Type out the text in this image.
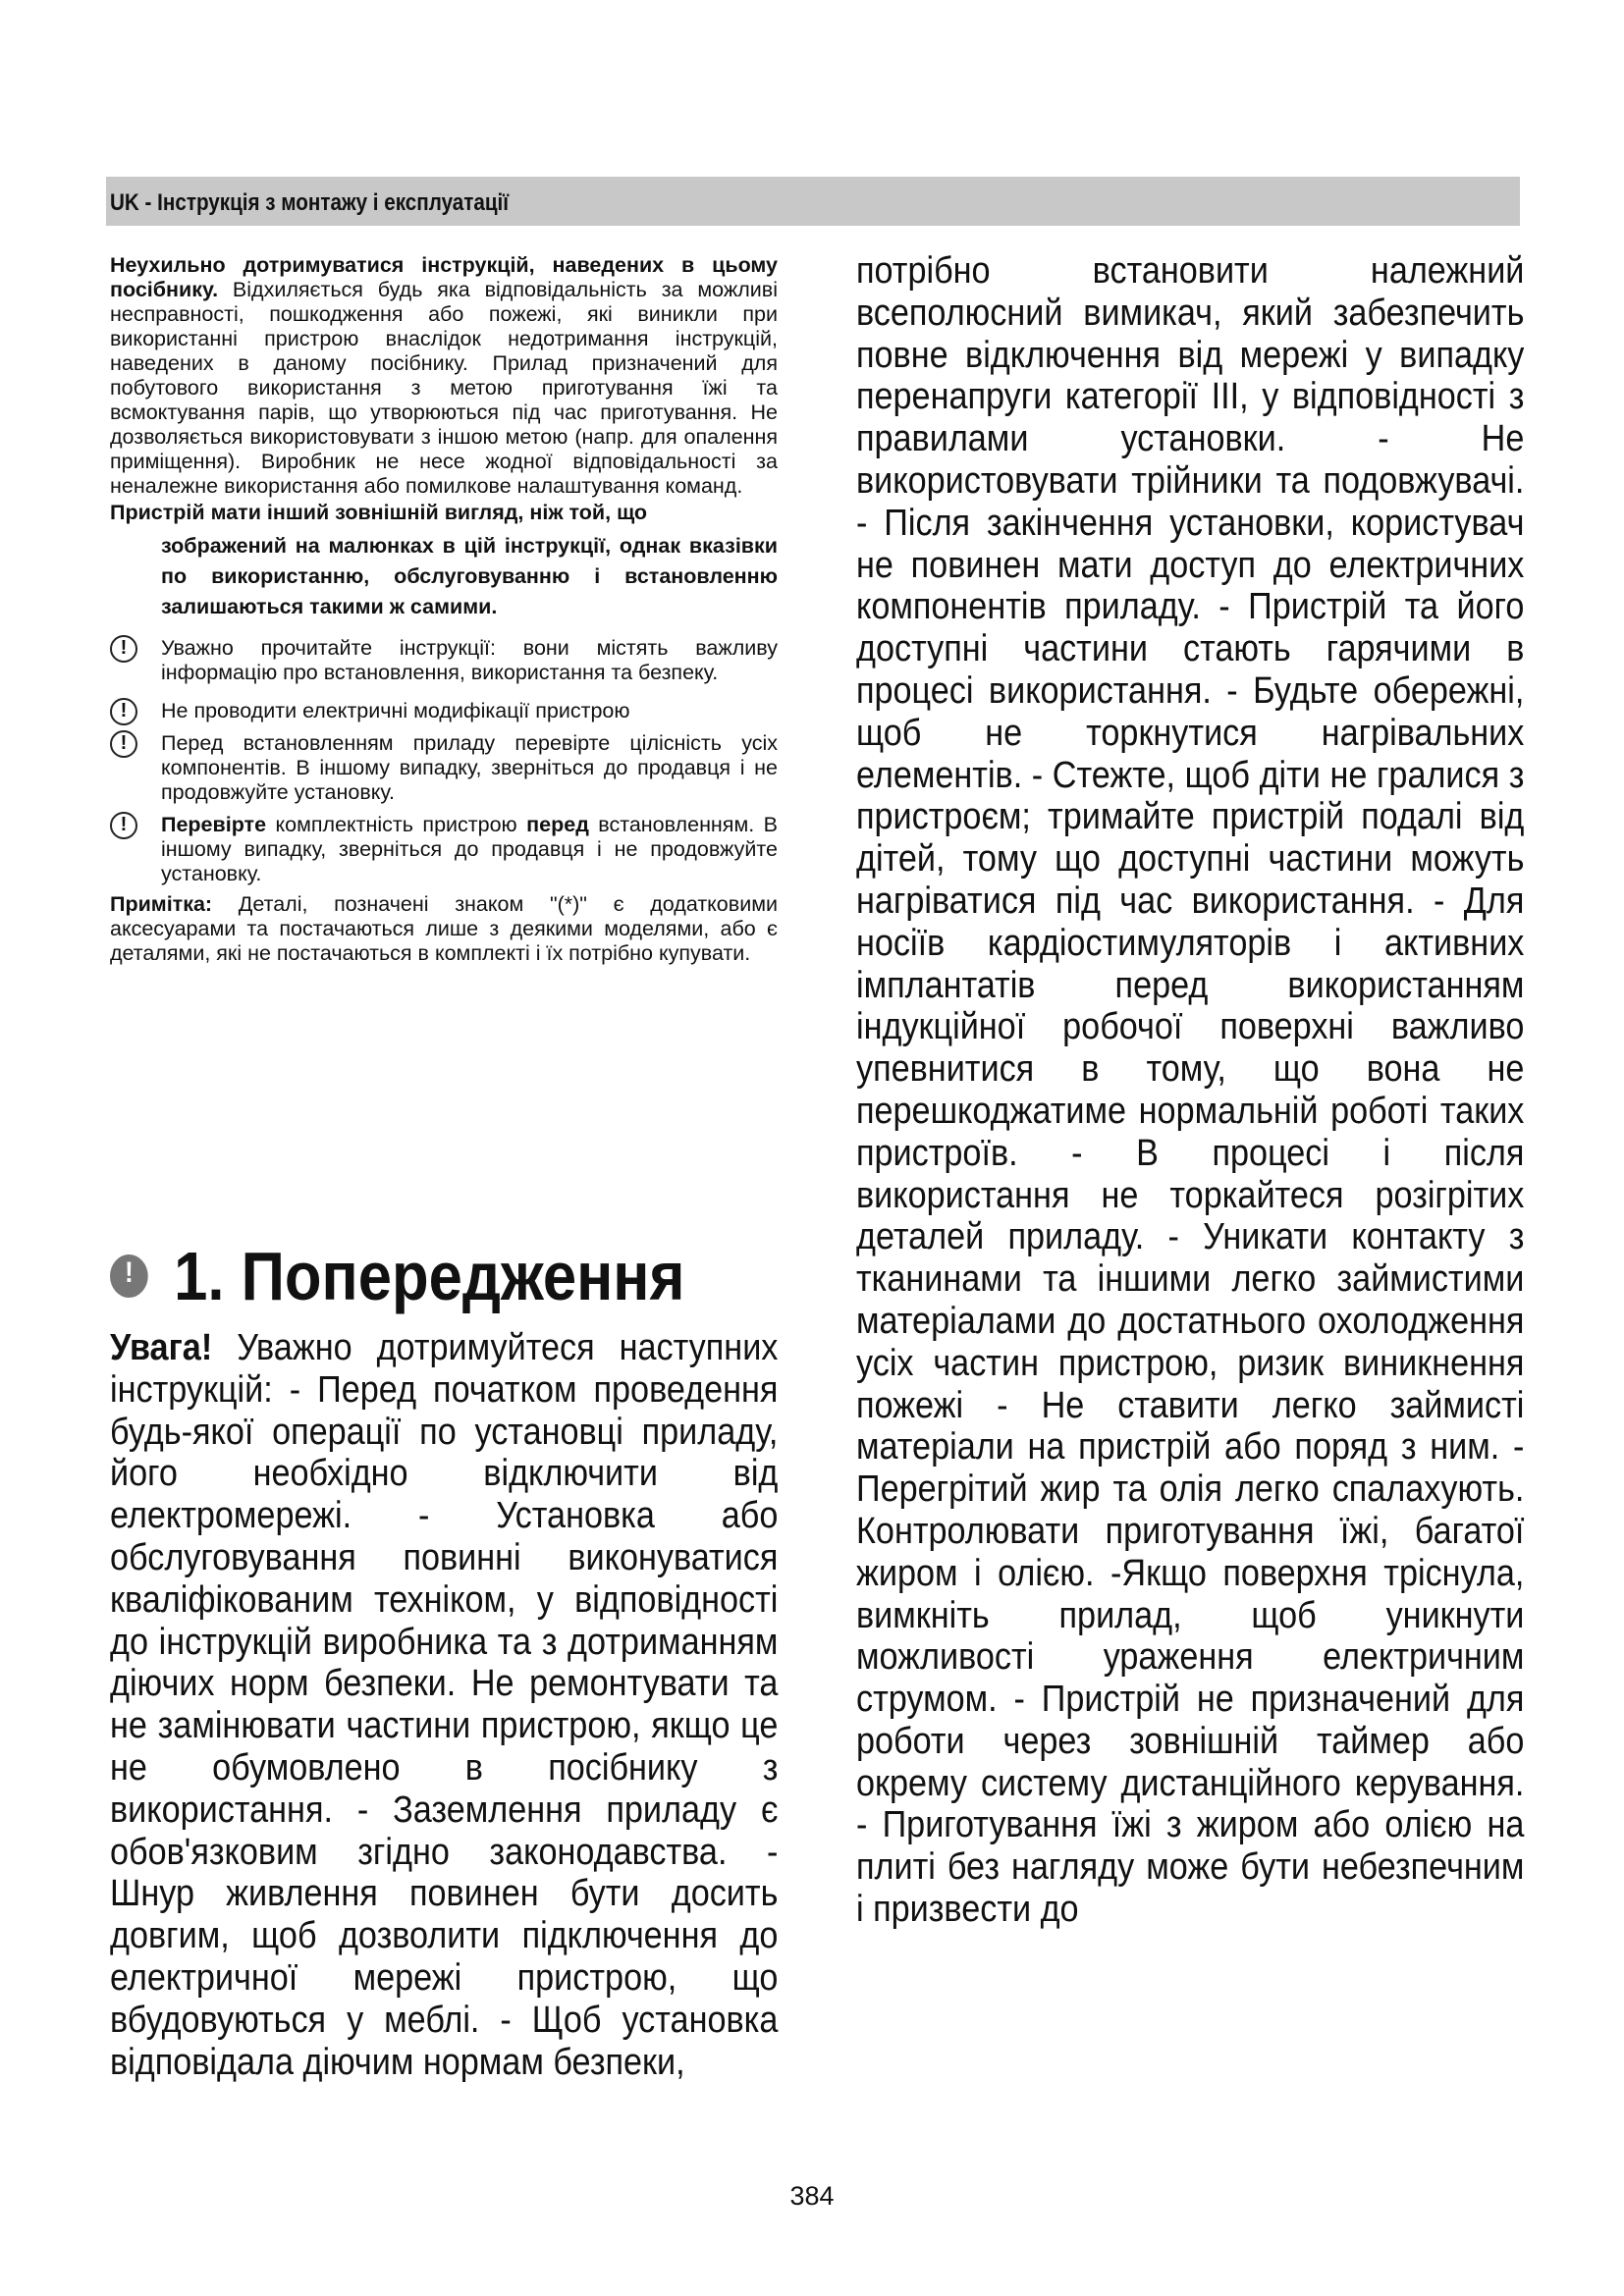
UK - Інструкція з монтажу і експлуатації
Неухильно дотримуватися інструкцій, наведених в цьому посібнику. Відхиляється будь яка відповідальність за можливі несправності, пошкодження або пожежі, які виникли при використанні пристрою внаслідок недотримання інструкцій, наведених в даному посібнику. Прилад призначений для побутового використання з метою приготування їжі та всмоктування парів, що утворюються під час приготування. Не дозволяється використовувати з іншою метою (напр. для опалення приміщення). Виробник не несе жодної відповідальності за неналежне використання або помилкове налаштування команд.
Пристрій мати інший зовнішній вигляд, ніж той, що
зображений на малюнках в цій інструкції, однак вказівки по використанню, обслуговуванню і встановленню залишаються такими ж самими.
!	Уважно прочитайте інструкції: вони містять важливу інформацію про встановлення, використання та безпеку.
!	Не проводити електричні модифікації пристрою
!	Перед встановленням приладу перевірте цілісність усіх компонентів. В іншому випадку, зверніться до продавця і не продовжуйте установку.
!	Перевірте комплектність пристрою перед встановленням. В іншому випадку, зверніться до продавця і не продовжуйте установку.
Примітка: Деталі, позначені знаком "(*)" є додатковими аксесуарами та постачаються лише з деякими моделями, або є деталями, які не постачаються в комплекті і їх потрібно купувати.
!1. Попередження
Увага! Уважно дотримуйтеся наступних інструкцій: - Перед початком проведення будь-якої операції по установці приладу, його необхідно відключити від електромережі. - Установка або обслуговування повинні виконуватися кваліфікованим техніком, у відповідності до інструкцій виробника та з дотриманням діючих норм безпеки. Не ремонтувати та не замінювати частини пристрою, якщо це не обумовлено в посібнику з використання. - Заземлення приладу є обов'язковим згідно законодавства. - Шнур живлення повинен бути досить довгим, щоб дозволити підключення до електричної мережі пристрою, що вбудовуються у меблі. - Щоб установка відповідала діючим нормам безпеки,
потрібно встановити належний всеполюсний вимикач, який забезпечить повне відключення від мережі у випадку перенапруги категорії III, у відповідності з правилами установки. - Не використовувати трійники та подовжувачі. - Після закінчення установки, користувач не повинен мати доступ до електричних компонентів приладу. - Пристрій та його доступні частини стають гарячими в процесі використання. - Будьте обережні, щоб не торкнутися нагрівальних елементів. - Стежте, щоб діти не гралися з пристроєм; тримайте пристрій подалі від дітей, тому що доступні частини можуть нагріватися під час використання. - Для носіїв кардіостимуляторів і активних імплантатів перед використанням індукційної робочої поверхні важливо упевнитися в тому, що вона не перешкоджатиме нормальній роботі таких пристроїв. - В процесі і після використання не торкайтеся розігрітих деталей приладу. - Уникати контакту з тканинами та іншими легко займистими матеріалами до достатнього охолодження усіх частин пристрою, ризик виникнення пожежі - Не ставити легко займисті матеріали на пристрій або поряд з ним. - Перегрітий жир та олія легко спалахують. Контролювати приготування їжі, багатої жиром і олією. -Якщо поверхня тріснула, вимкніть прилад, щоб уникнути можливості ураження електричним струмом. - Пристрій не призначений для роботи через зовнішній таймер або окрему систему дистанційного керування. - Приготування їжі з жиром або олією на плиті без нагляду може бути небезпечним і призвести до
384
